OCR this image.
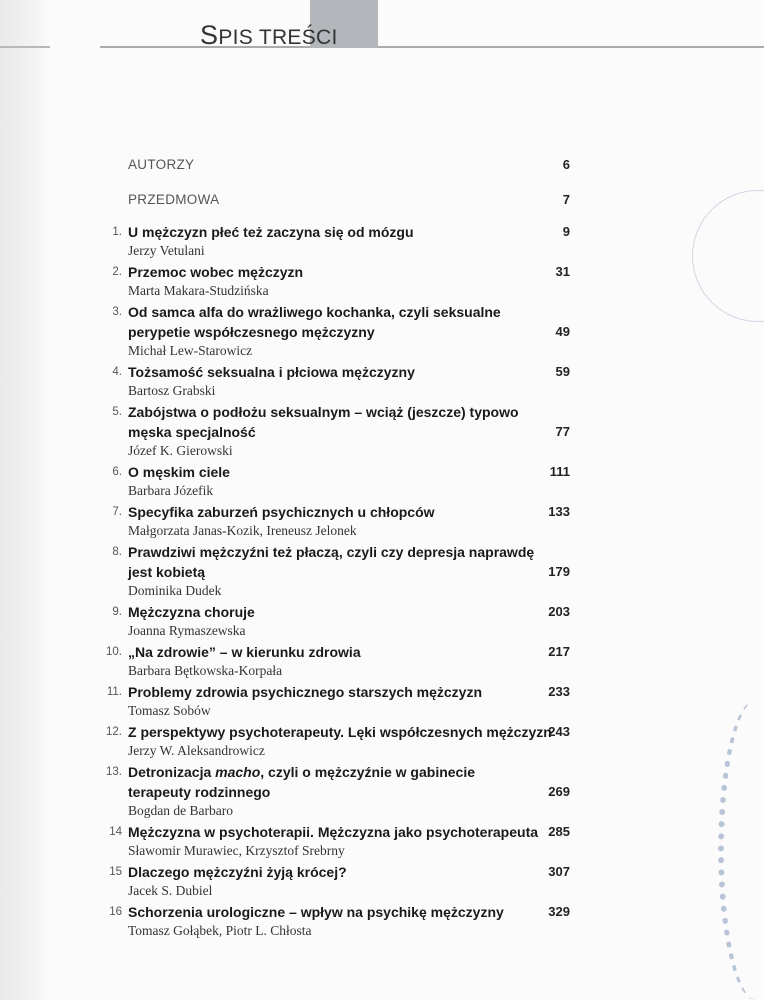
SPIS TREŚCI
AUTORZY	6
PRZEDMOWA	7
1. U mężczyzn płeć też zaczyna się od mózgu
Jerzy Vetulani
9
2. Przemoc wobec mężczyzn
Marta Makara-Studzińska
31
3. Od samca alfa do wrażliwego kochanka, czyli seksualne
perypetie współczesnego mężczyzny
Michał Lew-Starowicz
49
4. Tożsamość seksualna i płciowa mężczyzny
Bartosz Grabski
59
5. Zabójstwa o podłożu seksualnym – wciąż (jeszcze) typowo
męska specjalność
Józef K. Gierowski
77
6. O męskim ciele
Barbara Józefik
111
7. Specyfika zaburzeń psychicznych u chłopców
Małgorzata Janas-Kozik, Ireneusz Jelonek
133
8. Prawdziwi mężczyźni też płaczą, czyli czy depresja naprawdę
jest kobietą
Dominika Dudek
179
9. Mężczyzna choruje
Joanna Rymaszewska
203
10. „Na zdrowie” – w kierunku zdrowia
Barbara Bętkowska-Korpała
217
11. Problemy zdrowia psychicznego starszych mężczyzn
Tomasz Sobów
233
12. Z perspektywy psychoterapeuty. Lęki współczesnych mężczyzn
Jerzy W. Aleksandrowicz
243
13. Detronizacja macho, czyli o mężczyźnie w gabinecie
terapeuty rodzinnego
Bogdan de Barbaro
269
14 Mężczyzna w psychoterapii. Mężczyzna jako psychoterapeuta
Sławomir Murawiec, Krzysztof Srebrny
285
15 Dlaczego mężczyźni żyją krócej?
Jacek S. Dubiel
307
16 Schorzenia urologiczne – wpływ na psychikę mężczyzny
Tomasz Gołąbek, Piotr L. Chłosta
329
